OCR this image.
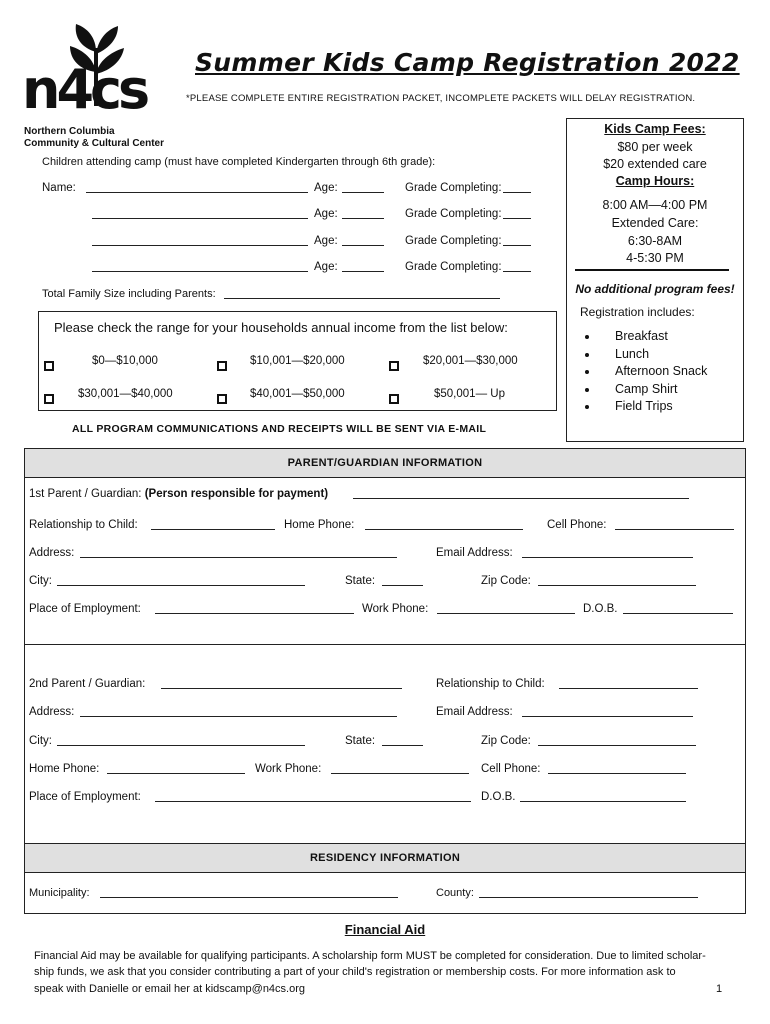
n4cs
Northern Columbia
Community & Cultural Center
Summer Kids Camp Registration 2022
*PLEASE COMPLETE ENTIRE REGISTRATION PACKET, INCOMPLETE PACKETS WILL DELAY REGISTRATION.
Children attending camp (must have completed Kindergarten through 6th grade):
Name:	Age:	Grade Completing:
Age:	Grade Completing:
Age:	Grade Completing:
Age:	Grade Completing:
Total Family Size including Parents:
Please check the range for your households annual income from the list below:
$0—$10,000	$10,001—$20,000	$20,001—$30,000
$30,001—$40,000	$40,001—$50,000	$50,001— Up
ALL PROGRAM COMMUNICATIONS AND RECEIPTS WILL BE SENT VIA E-MAIL
Kids Camp Fees:
$80 per week
$20 extended care
Camp Hours:
8:00 AM—4:00 PM
Extended Care:
6:30-8AM
4-5:30 PM
No additional program fees!
Registration includes:
• Breakfast
• Lunch
• Afternoon Snack
• Camp Shirt
• Field Trips
PARENT/GUARDIAN INFORMATION
1st Parent / Guardian: (Person responsible for payment)
Relationship to Child:	Home Phone:	Cell Phone:
Address:	Email Address:
City:	State:	Zip Code:
Place of Employment:	Work Phone:	D.O.B.
2nd Parent / Guardian:	Relationship to Child:
Address:	Email Address:
City:	State:	Zip Code:
Home Phone:	Work Phone:	Cell Phone:
Place of Employment:	D.O.B.
RESIDENCY INFORMATION
Municipality:	County:
Financial Aid
Financial Aid may be available for qualifying participants. A scholarship form MUST be completed for consideration. Due to limited scholar-
ship funds, we ask that you consider contributing a part of your child's registration or membership costs. For more information ask to
speak with Danielle or email her at kidscamp@n4cs.org	1
